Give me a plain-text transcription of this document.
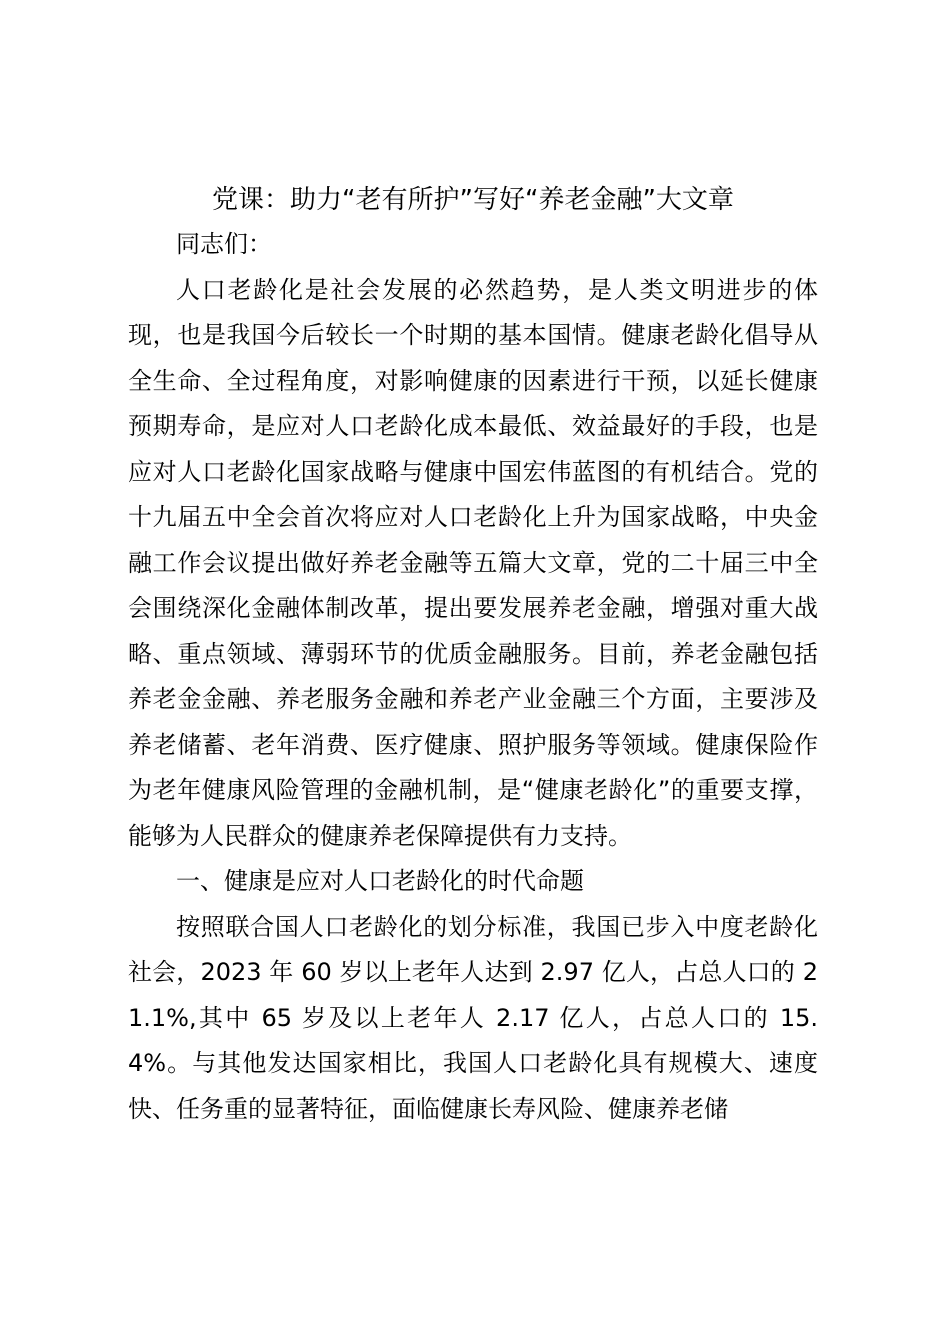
党课：助力“老有所护”写好“养老金融”大文章

同志们：

人口老龄化是社会发展的必然趋势，是人类文明进步的体现，也是我国今后较长一个时期的基本国情。健康老龄化倡导从全生命、全过程角度，对影响健康的因素进行干预，以延长健康预期寿命，是应对人口老龄化成本最低、效益最好的手段，也是应对人口老龄化国家战略与健康中国宏伟蓝图的有机结合。党的十九届五中全会首次将应对人口老龄化上升为国家战略，中央金融工作会议提出做好养老金融等五篇大文章，党的二十届三中全会围绕深化金融体制改革，提出要发展养老金融，增强对重大战略、重点领域、薄弱环节的优质金融服务。目前，养老金融包括养老金金融、养老服务金融和养老产业金融三个方面，主要涉及养老储蓄、老年消费、医疗健康、照护服务等领域。健康保险作为老年健康风险管理的金融机制，是“健康老龄化”的重要支撑，能够为人民群众的健康养老保障提供有力支持。

一、健康是应对人口老龄化的时代命题

按照联合国人口老龄化的划分标准，我国已步入中度老龄化社会，2023 年 60 岁以上老年人达到 2.97 亿人，占总人口的 21.1%,其中 65 岁及以上老年人 2.17 亿人，占总人口的 15.4%。与其他发达国家相比，我国人口老龄化具有规模大、速度快、任务重的显著特征，面临健康长寿风险、健康养老储
